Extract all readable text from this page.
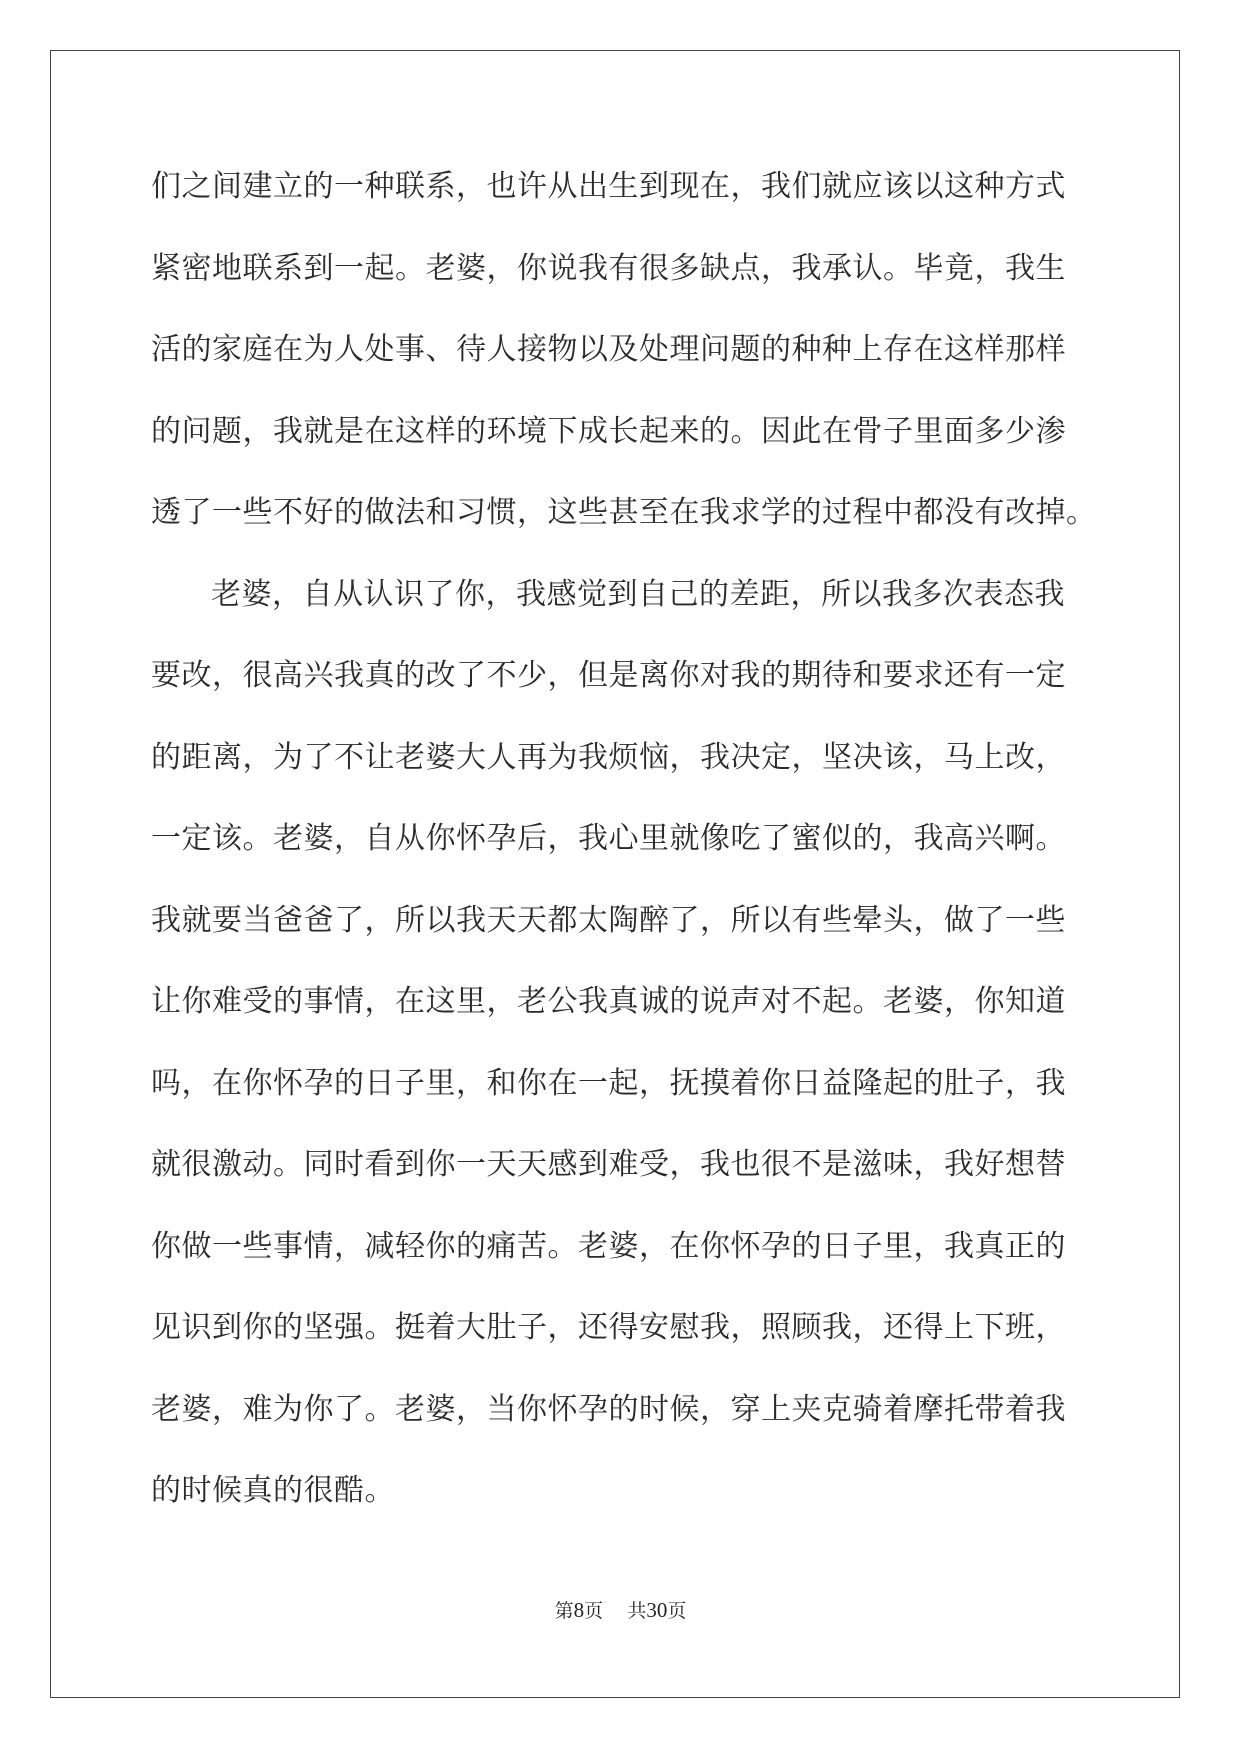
们之间建立的一种联系，也许从出生到现在，我们就应该以这种方式
紧密地联系到一起。老婆，你说我有很多缺点，我承认。毕竟，我生
活的家庭在为人处事、待人接物以及处理问题的种种上存在这样那样
的问题，我就是在这样的环境下成长起来的。因此在骨子里面多少渗
透了一些不好的做法和习惯，这些甚至在我求学的过程中都没有改掉。
老婆，自从认识了你，我感觉到自己的差距，所以我多次表态我
要改，很高兴我真的改了不少，但是离你对我的期待和要求还有一定
的距离，为了不让老婆大人再为我烦恼，我决定，坚决该，马上改，
一定该。老婆，自从你怀孕后，我心里就像吃了蜜似的，我高兴啊。
我就要当爸爸了，所以我天天都太陶醉了，所以有些晕头，做了一些
让你难受的事情，在这里，老公我真诚的说声对不起。老婆，你知道
吗，在你怀孕的日子里，和你在一起，抚摸着你日益隆起的肚子，我
就很激动。同时看到你一天天感到难受，我也很不是滋味，我好想替
你做一些事情，减轻你的痛苦。老婆，在你怀孕的日子里，我真正的
见识到你的坚强。挺着大肚子，还得安慰我，照顾我，还得上下班，
老婆，难为你了。老婆，当你怀孕的时候，穿上夹克骑着摩托带着我
的时候真的很酷。
第8页 共30页
